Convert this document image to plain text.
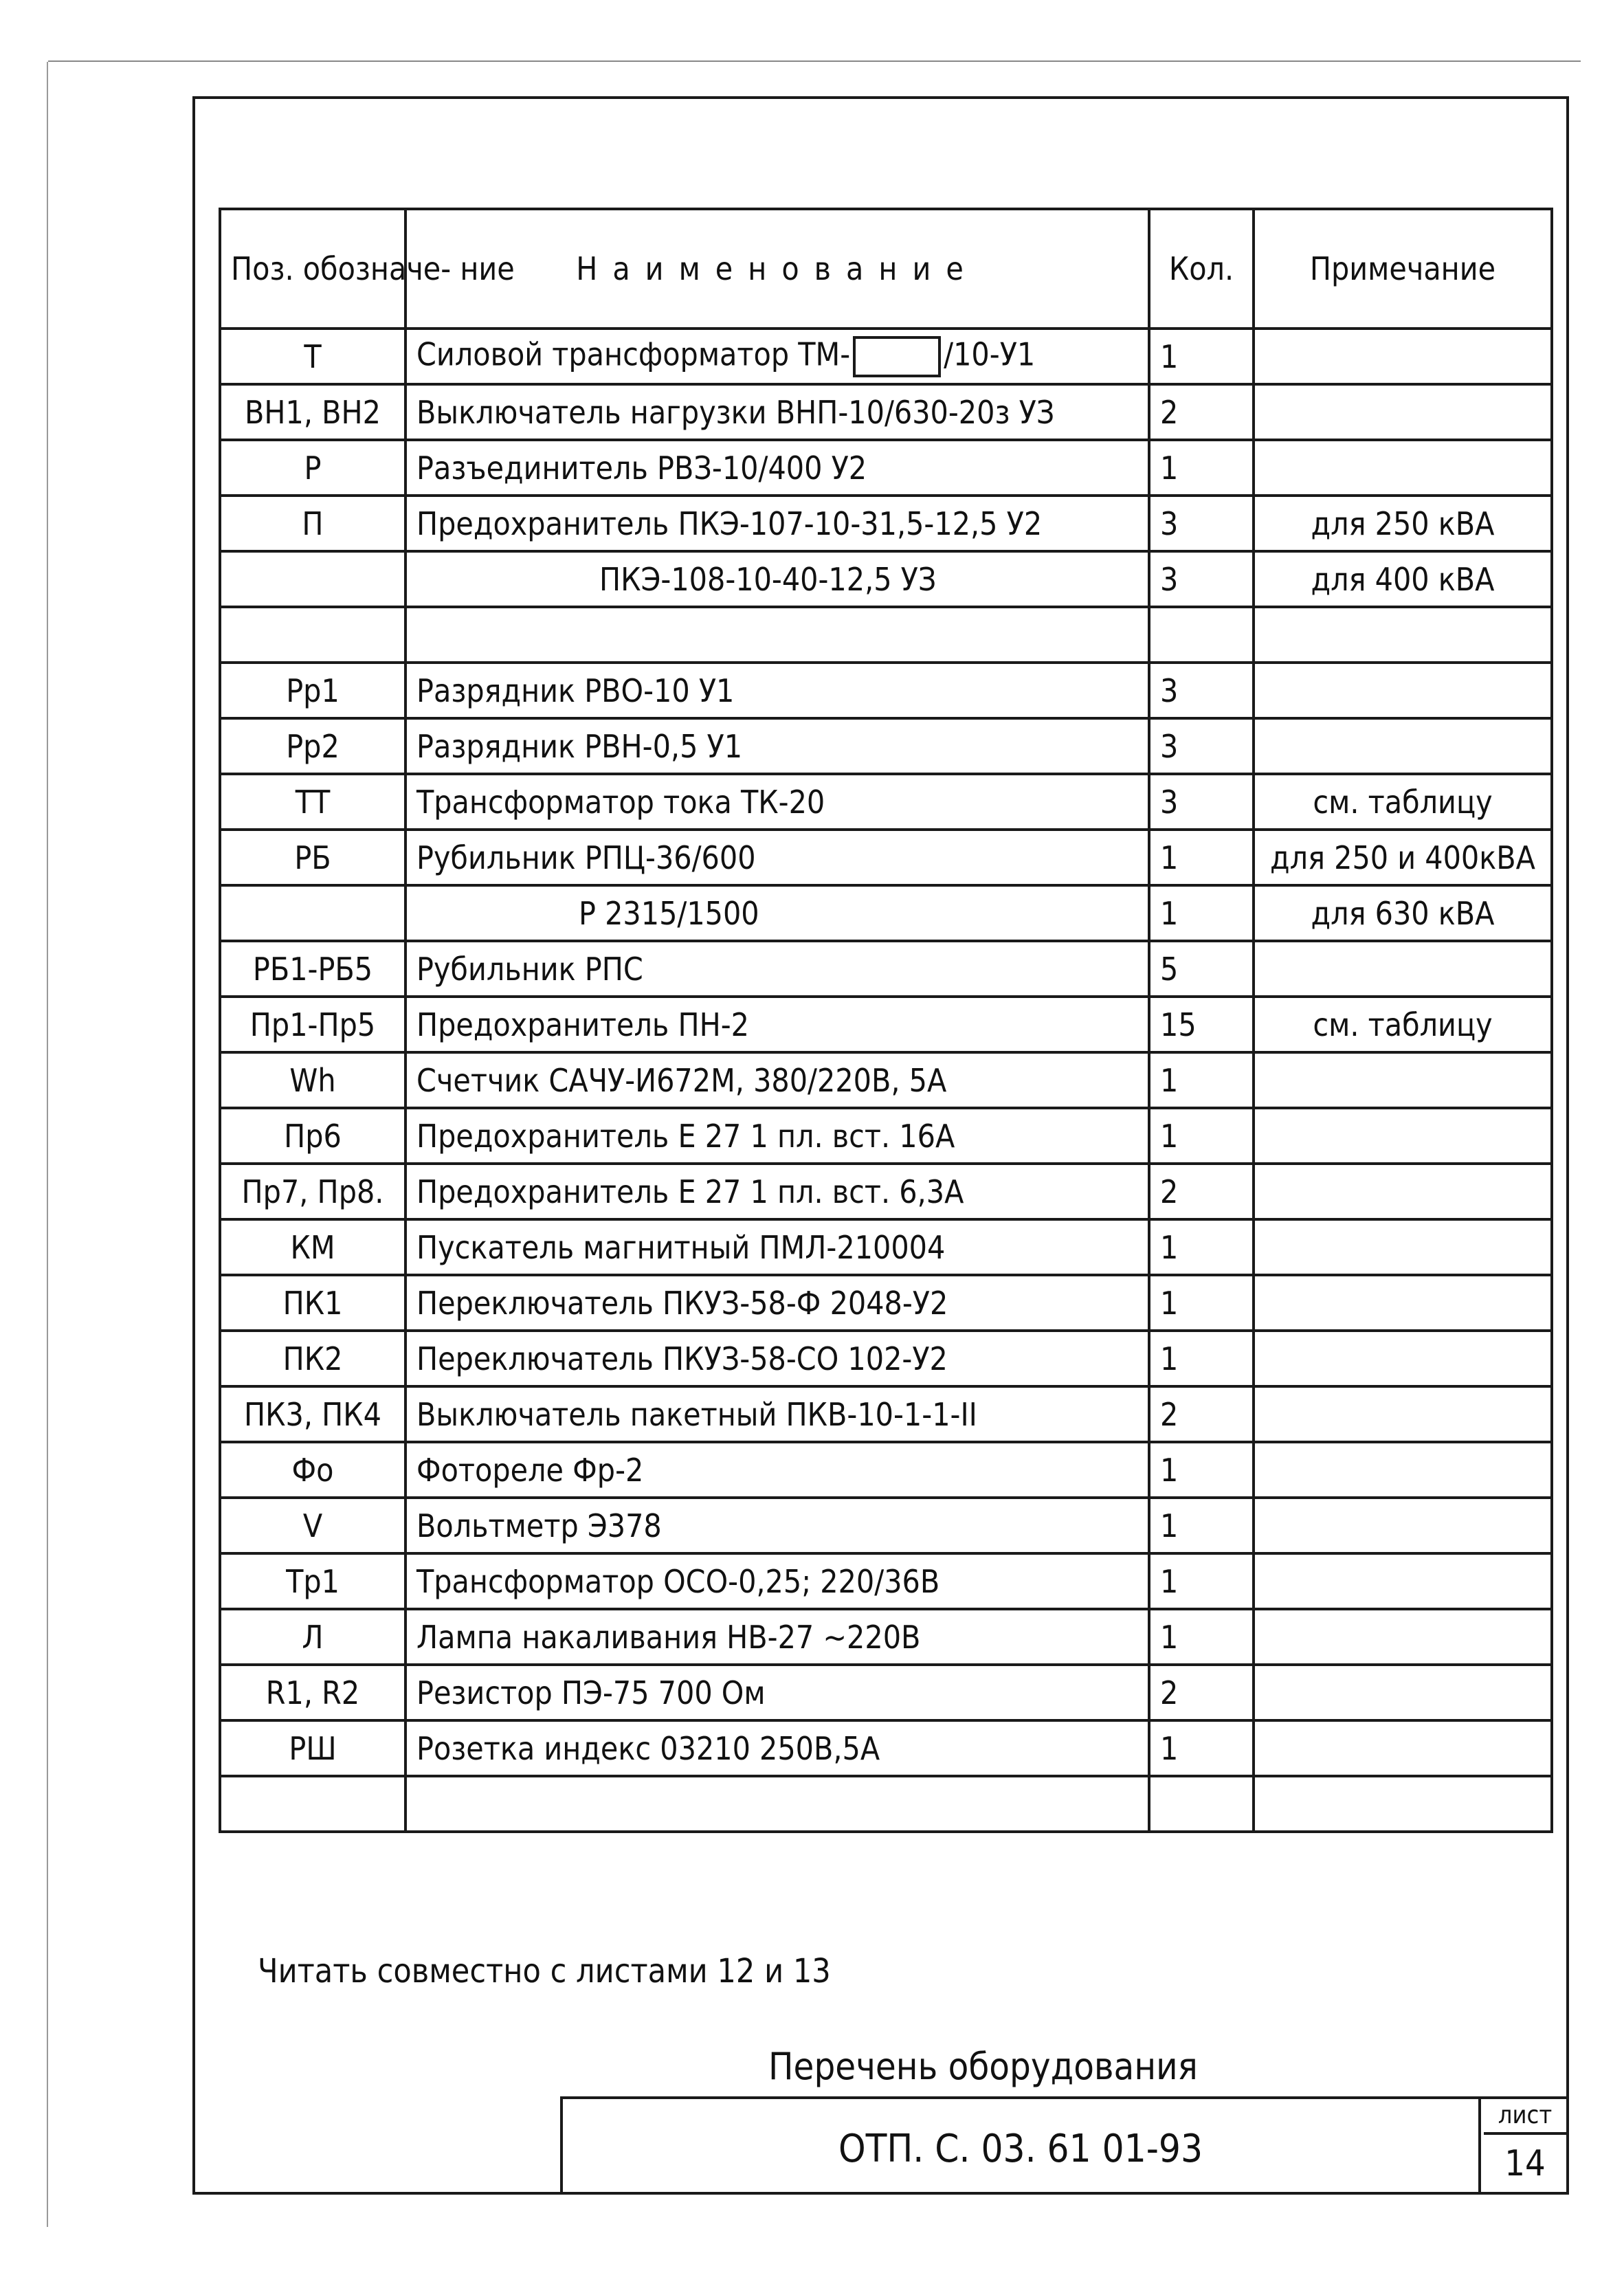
Поз. обозначе- ние	Наименование	Кол.	Примечание
Т	Силовой трансформатор ТМ- /10-У1	1	
ВН1, ВН2	Выключатель нагрузки ВНП-10/630-20з УЗ	2	
Р	Разъединитель РВЗ-10/400 У2	1	
П	Предохранитель ПКЭ-107-10-31,5-12,5 У2	3	для 250 кВА
	ПКЭ-108-10-40-12,5 УЗ	3	для 400 кВА

Рр1	Разрядник РВО-10 У1	3	
Рр2	Разрядник РВН-0,5 У1	3	
ТТ	Трансформатор тока ТК-20	3	см. таблицу
РБ	Рубильник РПЦ-36/600	1	для 250 и 400кВА
	Р 2315/1500	1	для 630 кВА
РБ1-РБ5	Рубильник РПС	5	
Пр1-Пр5	Предохранитель ПН-2	15	см. таблицу
Wh	Счетчик САЧУ-И672М, 380/220В, 5А	1	
Пр6	Предохранитель Е 27 1 пл. вст. 16А	1	
Пр7, Пр8.	Предохранитель Е 27 1 пл. вст. 6,3А	2	
КМ	Пускатель магнитный ПМЛ-210004	1	
ПК1	Переключатель ПКУЗ-58-Ф 2048-У2	1	
ПК2	Переключатель ПКУЗ-58-СО 102-У2	1	
ПК3, ПК4	Выключатель пакетный ПКВ-10-1-1-II	2	
Фо	Фотореле Фр-2	1	
V	Вольтметр Э378	1	
Тр1	Трансформатор ОСО-0,25; 220/36В	1	
Л	Лампа накаливания НВ-27 ~220В	1	
R1, R2	Резистор ПЭ-75 700 Ом	2	
РШ	Розетка индекс 03210 250В,5А	1	

Читать совместно с листами 12 и 13
Перечень оборудования
ОТП. С. 03. 61 01-93
лист
14
